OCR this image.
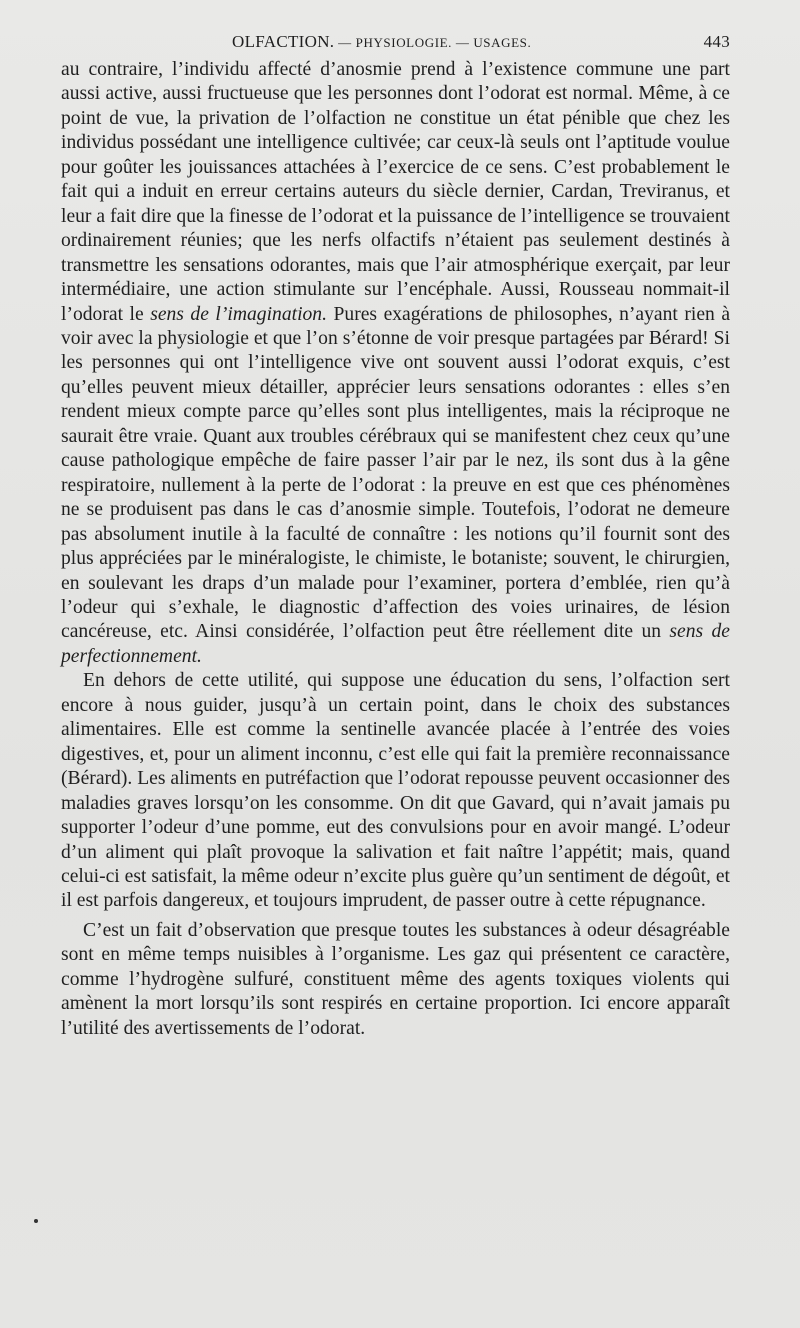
OLFACTION. — PHYSIOLOGIE. — USAGES.	443

au contraire, l’individu affecté d’anosmie prend à l’existence commune une part aussi active, aussi fructueuse que les personnes dont l’odorat est normal. Même, à ce point de vue, la privation de l’olfaction ne constitue un état pénible que chez les individus possédant une intelligence cultivée; car ceux-là seuls ont l’aptitude voulue pour goûter les jouissances attachées à l’exercice de ce sens. C’est probablement le fait qui a induit en erreur certains auteurs du siècle dernier, Cardan, Treviranus, et leur a fait dire que la finesse de l’odorat et la puissance de l’intelligence se trouvaient ordinairement réunies; que les nerfs olfactifs n’étaient pas seulement destinés à transmettre les sensations odorantes, mais que l’air atmosphérique exerçait, par leur intermédiaire, une action stimulante sur l’encéphale. Aussi, Rousseau nommait-il l’odorat le sens de l’imagination. Pures exagérations de philosophes, n’ayant rien à voir avec la physiologie et que l’on s’étonne de voir presque partagées par Bérard! Si les personnes qui ont l’intelligence vive ont souvent aussi l’odorat exquis, c’est qu’elles peuvent mieux détailler, apprécier leurs sensations odorantes : elles s’en rendent mieux compte parce qu’elles sont plus intelligentes, mais la réciproque ne saurait être vraie. Quant aux troubles cérébraux qui se manifestent chez ceux qu’une cause pathologique empêche de faire passer l’air par le nez, ils sont dus à la gêne respiratoire, nullement à la perte de l’odorat : la preuve en est que ces phénomènes ne se produisent pas dans le cas d’anosmie simple. Toutefois, l’odorat ne demeure pas absolument inutile à la faculté de connaître : les notions qu’il fournit sont des plus appréciées par le minéralogiste, le chimiste, le botaniste; souvent, le chirurgien, en soulevant les draps d’un malade pour l’examiner, portera d’emblée, rien qu’à l’odeur qui s’exhale, le diagnostic d’affection des voies urinaires, de lésion cancéreuse, etc. Ainsi considérée, l’olfaction peut être réellement dite un sens de perfectionnement.

En dehors de cette utilité, qui suppose une éducation du sens, l’olfaction sert encore à nous guider, jusqu’à un certain point, dans le choix des substances alimentaires. Elle est comme la sentinelle avancée placée à l’entrée des voies digestives, et, pour un aliment inconnu, c’est elle qui fait la première reconnaissance (Bérard). Les aliments en putréfaction que l’odorat repousse peuvent occasionner des maladies graves lorsqu’on les consomme. On dit que Gavard, qui n’avait jamais pu supporter l’odeur d’une pomme, eut des convulsions pour en avoir mangé. L’odeur d’un aliment qui plaît provoque la salivation et fait naître l’appétit; mais, quand celui-ci est satisfait, la même odeur n’excite plus guère qu’un sentiment de dégoût, et il est parfois dangereux, et toujours imprudent, de passer outre à cette répugnance.

C’est un fait d’observation que presque toutes les substances à odeur désagréable sont en même temps nuisibles à l’organisme. Les gaz qui présentent ce caractère, comme l’hydrogène sulfuré, constituent même des agents toxiques violents qui amènent la mort lorsqu’ils sont respirés en certaine proportion. Ici encore apparaît l’utilité des avertissements de l’odorat.
